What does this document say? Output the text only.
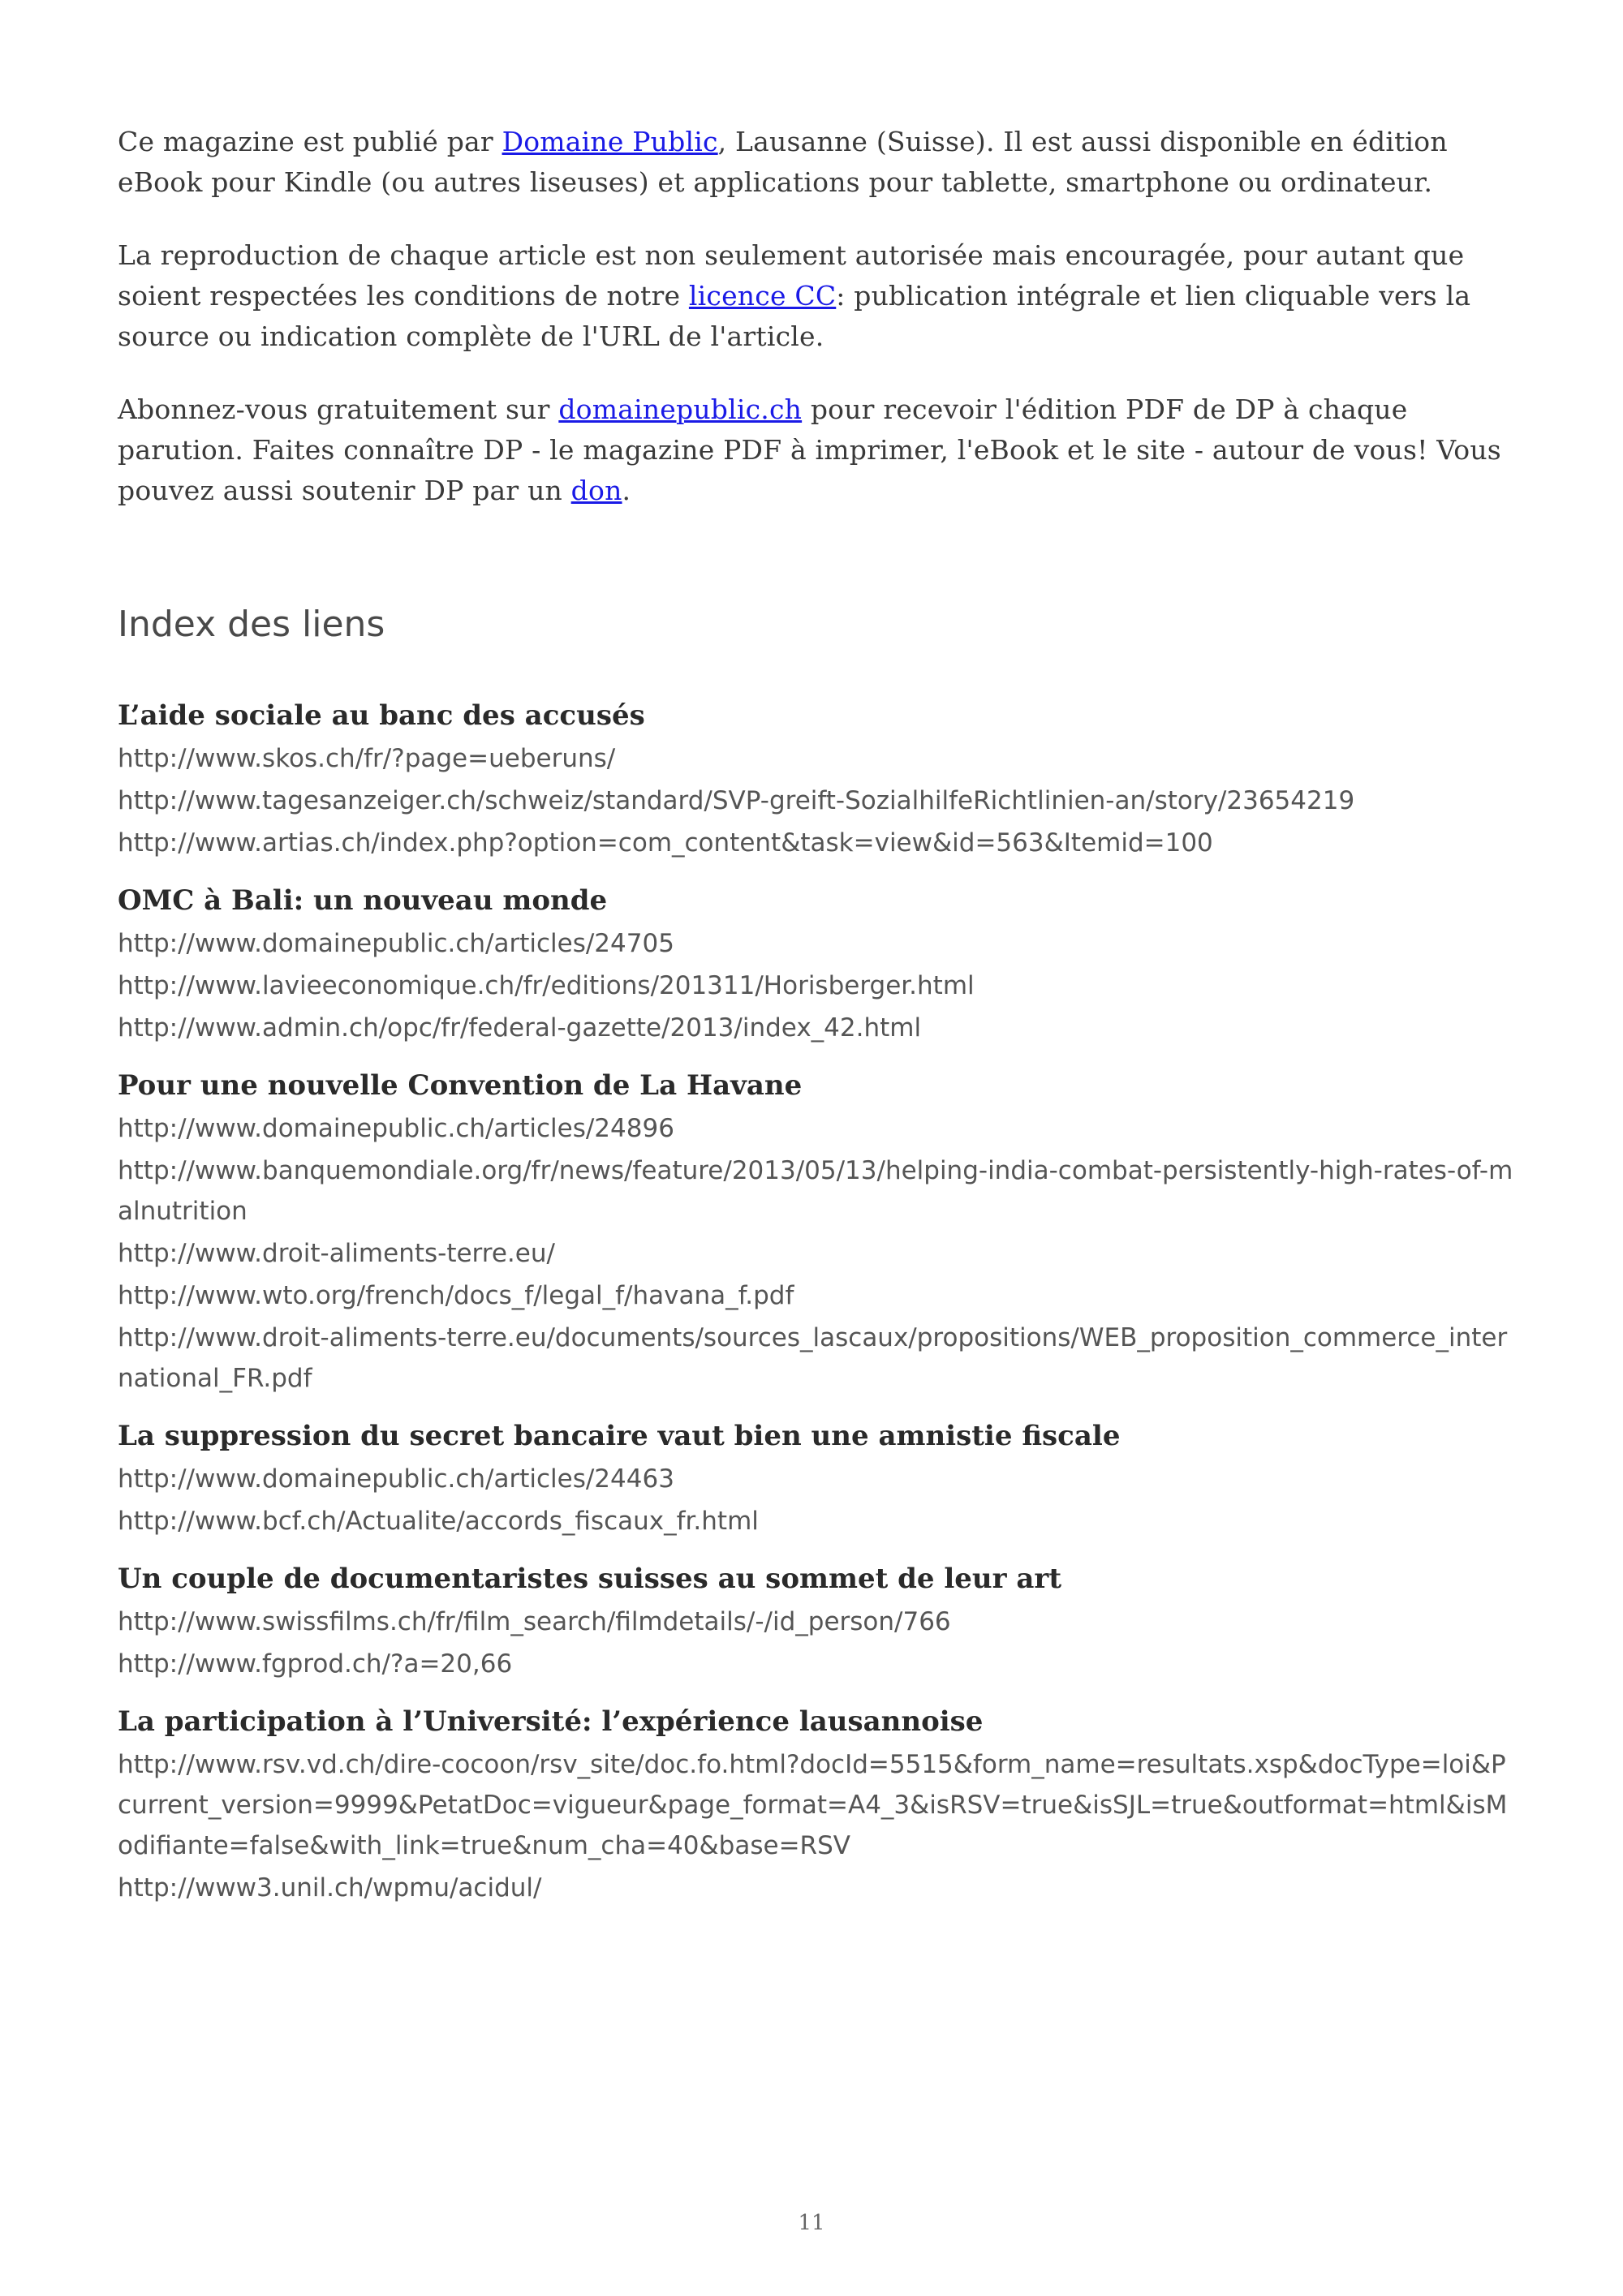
Ce magazine est publié par Domaine Public, Lausanne (Suisse). Il est aussi disponible en édition eBook pour Kindle (ou autres liseuses) et applications pour tablette, smartphone ou ordinateur.

La reproduction de chaque article est non seulement autorisée mais encouragée, pour autant que soient respectées les conditions de notre licence CC: publication intégrale et lien cliquable vers la source ou indication complète de l'URL de l'article.

Abonnez-vous gratuitement sur domainepublic.ch pour recevoir l'édition PDF de DP à chaque parution. Faites connaître DP - le magazine PDF à imprimer, l'eBook et le site - autour de vous! Vous pouvez aussi soutenir DP par un don.

Index des liens
L’aide sociale au banc des accusés
http://www.skos.ch/fr/?page=ueberuns/
http://www.tagesanzeiger.ch/schweiz/standard/SVP-greift-SozialhilfeRichtlinien-an/story/23654219
http://www.artias.ch/index.php?option=com_content&task=view&id=563&Itemid=100
OMC à Bali: un nouveau monde
http://www.domainepublic.ch/articles/24705
http://www.lavieeconomique.ch/fr/editions/201311/Horisberger.html
http://www.admin.ch/opc/fr/federal-gazette/2013/index_42.html
Pour une nouvelle Convention de La Havane
http://www.domainepublic.ch/articles/24896
http://www.banquemondiale.org/fr/news/feature/2013/05/13/helping-india-combat-persistently-high-rates-of-malnutrition
http://www.droit-aliments-terre.eu/
http://www.wto.org/french/docs_f/legal_f/havana_f.pdf
http://www.droit-aliments-terre.eu/documents/sources_lascaux/propositions/WEB_proposition_commerce_international_FR.pdf
La suppression du secret bancaire vaut bien une amnistie fiscale
http://www.domainepublic.ch/articles/24463
http://www.bcf.ch/Actualite/accords_fiscaux_fr.html
Un couple de documentaristes suisses au sommet de leur art
http://www.swissfilms.ch/fr/film_search/filmdetails/-/id_person/766
http://www.fgprod.ch/?a=20,66
La participation à l’Université: l’expérience lausannoise
http://www.rsv.vd.ch/dire-cocoon/rsv_site/doc.fo.html?docId=5515&form_name=resultats.xsp&docType=loi&Pcurrent_version=9999&PetatDoc=vigueur&page_format=A4_3&isRSV=true&isSJL=true&outformat=html&isModifiante=false&with_link=true&num_cha=40&base=RSV
http://www3.unil.ch/wpmu/acidul/
11
